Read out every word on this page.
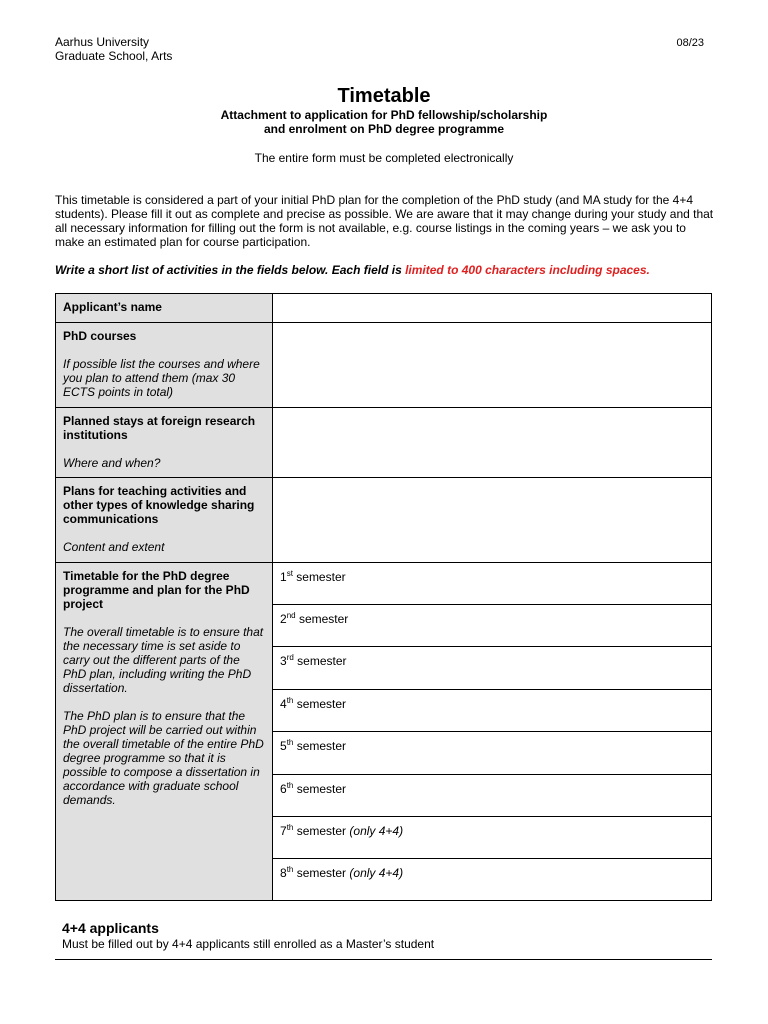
Aarhus University
Graduate School, Arts
08/23
Timetable
Attachment to application for PhD fellowship/scholarship
and enrolment on PhD degree programme
The entire form must be completed electronically
This timetable is considered a part of your initial PhD plan for the completion of the PhD study (and MA study for the 4+4 students). Please fill it out as complete and precise as possible. We are aware that it may change during your study and that all necessary information for filling out the form is not available, e.g. course listings in the coming years – we ask you to make an estimated plan for course participation.
Write a short list of activities in the fields below. Each field is limited to 400 characters including spaces.
Applicant’s name	
PhD courses
If possible list the courses and where you plan to attend them (max 30 ECTS points in total)	

Planned stays at foreign research institutions
Where and when?	

Plans for teaching activities and other types of knowledge sharing communications
Content and extent	

Timetable for the PhD degree programme and plan for the PhD project
The overall timetable is to ensure that the necessary time is set aside to carry out the different parts of the PhD plan, including writing the PhD dissertation.
The PhD plan is to ensure that the PhD project will be carried out within the overall timetable of the entire PhD degree programme so that it is possible to compose a dissertation in accordance with graduate school demands.	1st semester
	2nd semester
	3rd semester
	4th semester
	5th semester
	6th semester
	7th semester (only 4+4)
	8th semester (only 4+4)
4+4 applicants
Must be filled out by 4+4 applicants still enrolled as a Master’s student
